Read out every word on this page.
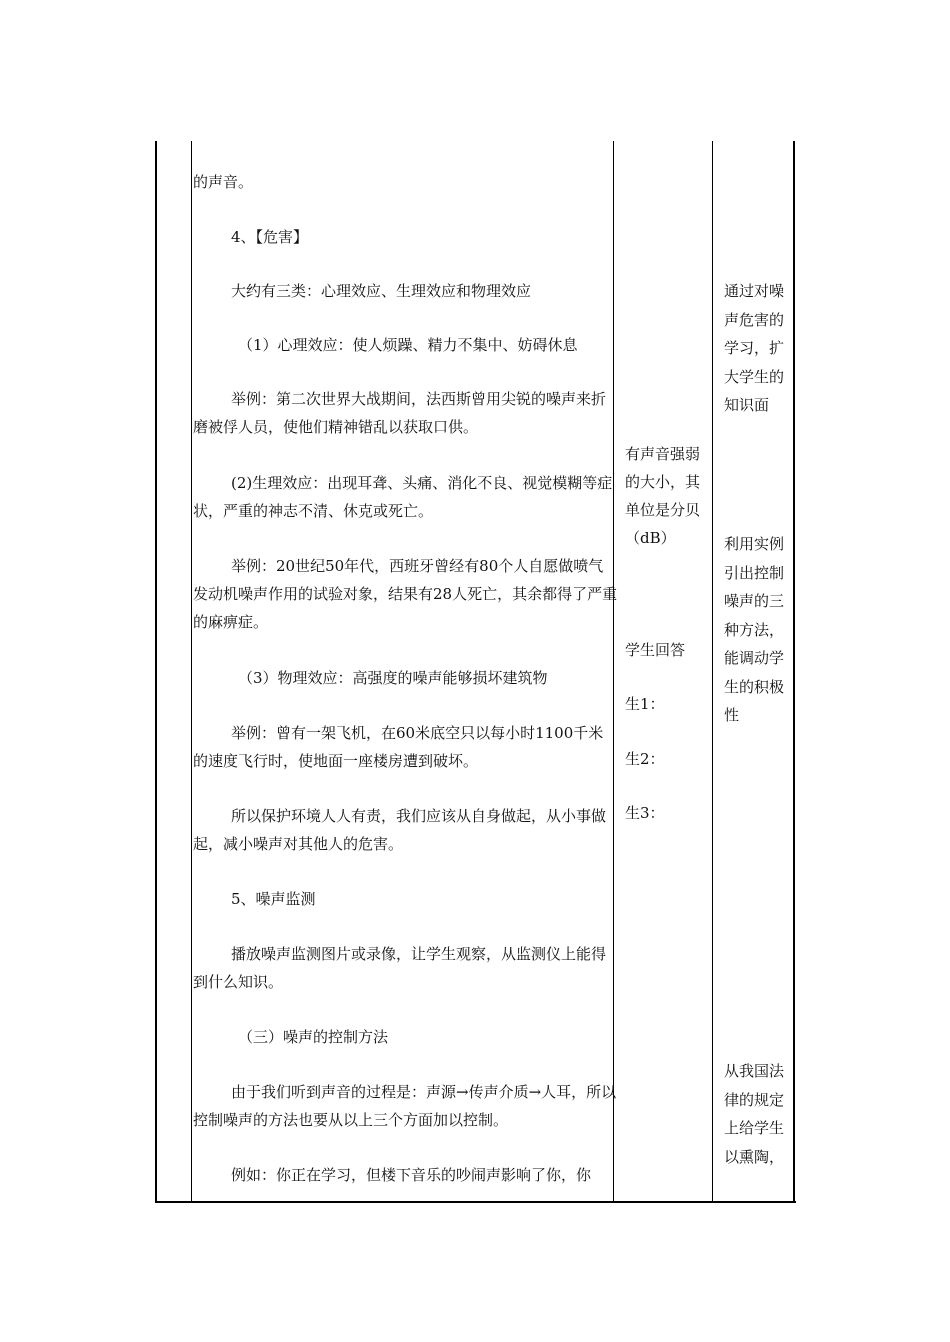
的声音。
4、【危害】
大约有三类：心理效应、生理效应和物理效应
（1）心理效应：使人烦躁、精力不集中、妨碍休息
举例：第二次世界大战期间，法西斯曾用尖锐的噪声来折磨被俘人员，使他们精神错乱以获取口供。
(2)生理效应：出现耳聋、头痛、消化不良、视觉模糊等症状，严重的神志不清、休克或死亡。
举例：20世纪50年代，西班牙曾经有80个人自愿做喷气发动机噪声作用的试验对象，结果有28人死亡，其余都得了严重的麻痹症。
（3）物理效应：高强度的噪声能够损坏建筑物
举例：曾有一架飞机，在60米底空只以每小时1100千米的速度飞行时，使地面一座楼房遭到破坏。
所以保护环境人人有责，我们应该从自身做起，从小事做起，减小噪声对其他人的危害。
5、噪声监测
播放噪声监测图片或录像，让学生观察，从监测仪上能得到什么知识。
（三）噪声的控制方法
由于我们听到声音的过程是：声源→传声介质→人耳，所以控制噪声的方法也要从以上三个方面加以控制。
例如：你正在学习，但楼下音乐的吵闹声影响了你，你
有声音强弱的大小，其单位是分贝（dB）
学生回答
生1：
生2：
生3：
通过对噪声危害的学习，扩大学生的知识面
利用实例引出控制噪声的三种方法，能调动学生的积极性
从我国法律的规定上给学生以熏陶，
